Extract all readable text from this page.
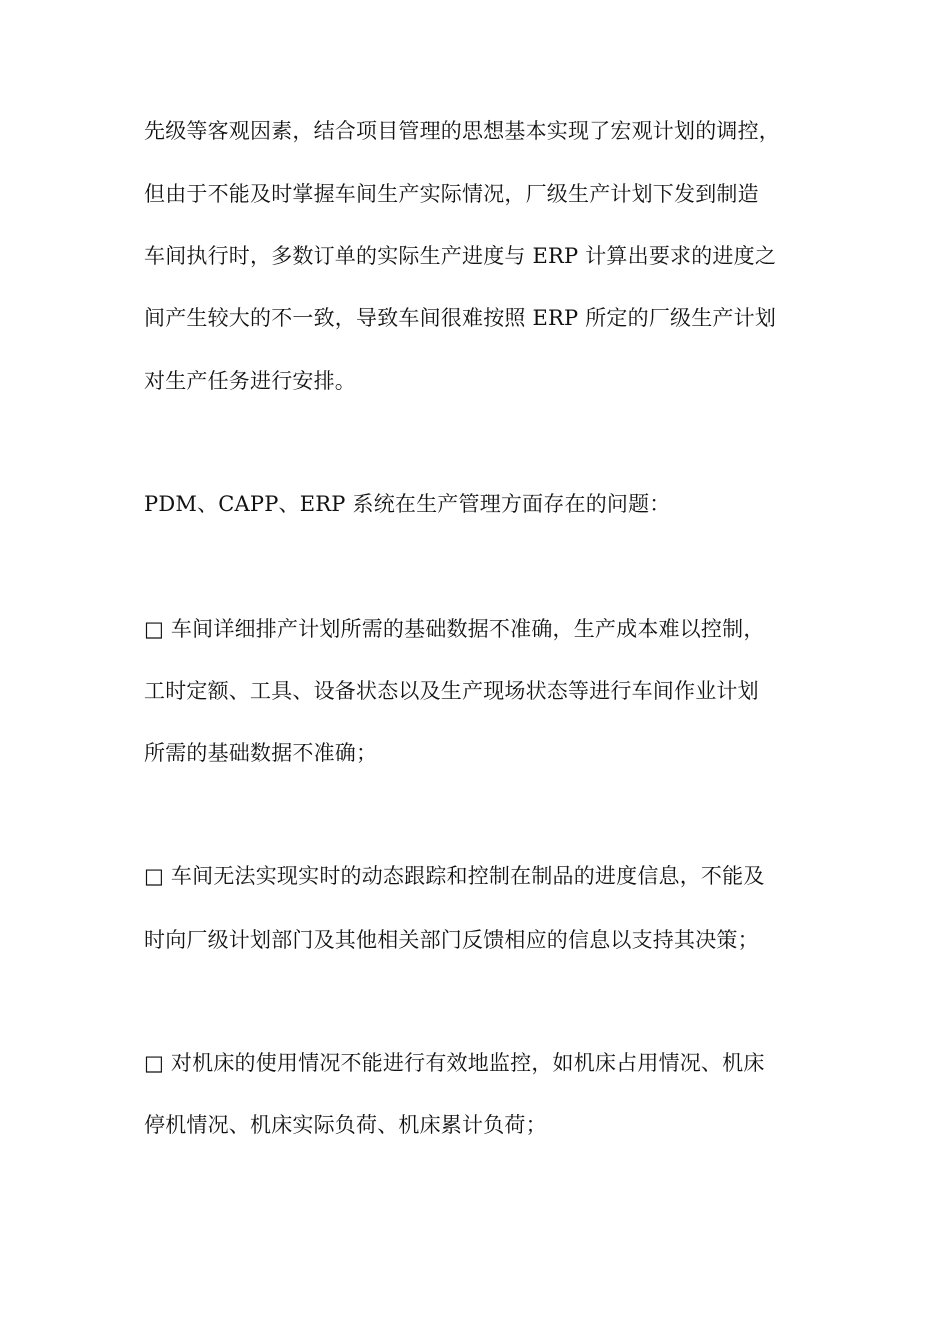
先级等客观因素，结合项目管理的思想基本实现了宏观计划的调控，
但由于不能及时掌握车间生产实际情况，厂级生产计划下发到制造
车间执行时，多数订单的实际生产进度与 ERP 计算出要求的进度之
间产生较大的不一致，导致车间很难按照 ERP 所定的厂级生产计划
对生产任务进行安排。
PDM、CAPP、ERP 系统在生产管理方面存在的问题：
□ 车间详细排产计划所需的基础数据不准确，生产成本难以控制，
工时定额、工具、设备状态以及生产现场状态等进行车间作业计划
所需的基础数据不准确；
□ 车间无法实现实时的动态跟踪和控制在制品的进度信息，不能及
时向厂级计划部门及其他相关部门反馈相应的信息以支持其决策；
□ 对机床的使用情况不能进行有效地监控，如机床占用情况、机床
停机情况、机床实际负荷、机床累计负荷；
